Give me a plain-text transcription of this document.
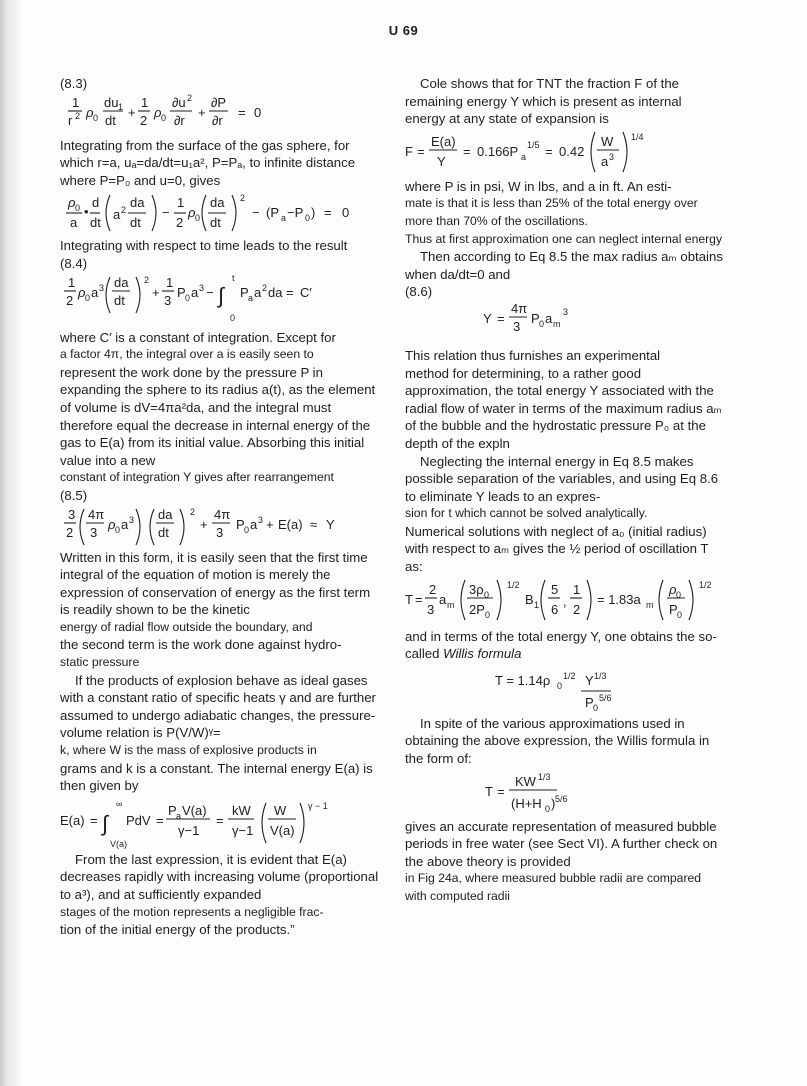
U 69

(8.3)

1
r 2 ρ 0
du 1
dt
+
1
2
ρ 0
∂u 2
∂r
+
∂P
∂r
= 0

Integrating from the surface of the gas sphere, for which r=a, uₐ=da/dt=u₁a², P=Pₐ, to infinite distance where P=P₀ and u=0, gives

ρ 0
a
•
d
dt
a 2 da
dt
−
1
2
ρ 0
da
dt
2
− (P a −P 0 ) = 0

Integrating with respect to time leads to the result

(8.4)

1
2
ρ 0 a 3 da
dt
2
+
1
3
P 0 a 3 − ∫
t
0
P a a 2 da = C′

where C′ is a constant of integration. Except for

a factor 4π, the integral over a is easily seen to

represent the work done by the pressure P in expanding the sphere to its radius a(t), as the element of volume is dV=4πa²da, and the integral must therefore equal the decrease in internal energy of the gas to E(a) from its initial value. Absorbing this initial value into a new

constant of integration Y gives after rearrangement

(8.5)

3
2
4π
3
ρ 0 a 3 da
dt
2
+
4π
3
P 0 a 3 + E(a) ≈ Y

Written in this form, it is easily seen that the first time integral of the equation of motion is merely the expression of conservation of energy as the first term is readily shown to be the kinetic

energy of radial flow outside the boundary, and

the second term is the work done against hydro-

static pressure

If the products of explosion behave as ideal gases with a constant ratio of specific heats γ and are further assumed to undergo adiabatic changes, the pressure-volume relation is P(V/W)ᵞ=

k, where W is the mass of explosive products in

grams and k is a constant. The internal energy E(a) is then given by

E(a) = ∫
∞
V(a)
PdV =
P a V(a)
γ−1
=
kW
γ−1
W
V(a)
γ − 1

From the last expression, it is evident that E(a) decreases rapidly with increasing volume (proportional to a³), and at sufficiently expanded

stages of the motion represents a negligible frac-

tion of the initial energy of the products.”

Cole shows that for TNT the fraction F of the remaining energy Y which is present as internal energy at any state of expansion is

F =
E(a)
Y
= 0.166P a
1/5 = 0.42
W
a 3
1/4

where P is in psi, W in lbs, and a in ft. An esti-

mate is that it is less than 25% of the total energy over more than 70% of the oscillations.

Thus at first approximation one can neglect internal energy

Then according to Eq 8.5 the max radius aₘ obtains when da/dt=0 and

(8.6)

Y =
4π
3
P 0 a m
3

This relation thus furnishes an experimental

method for determining, to a rather good approximation, the total energy Y associated with the radial flow of water in terms of the maximum radius aₘ of the bubble and the hydrostatic pressure P₀ at the depth of the expln

Neglecting the internal energy in Eq 8.5 makes possible separation of the variables, and using Eq 8.6 to eliminate Y leads to an expres-

sion for t which cannot be solved analytically.

Numerical solutions with neglect of a₀ (initial radius) with respect to aₘ gives the ½ period of oscillation T as:

T =
2
3
a m
3ρ 0
2P 0
1/2
B 1
5
6
,
1
2
= 1.83a m
ρ 0
P 0
1/2

and in terms of the total energy Y, one obtains the so-called Willis formula

T = 1.14ρ 0
1/2 Y 1/3
P 0
5/6

In spite of the various approximations used in obtaining the above expression, the Willis formula in the form of:

T =
KW 1/3
(H+H 0 ) 5/6

gives an accurate representation of measured bubble periods in free water (see Sect VI). A further check on the above theory is provided

in Fig 24a, where measured bubble radii are compared with computed radii
